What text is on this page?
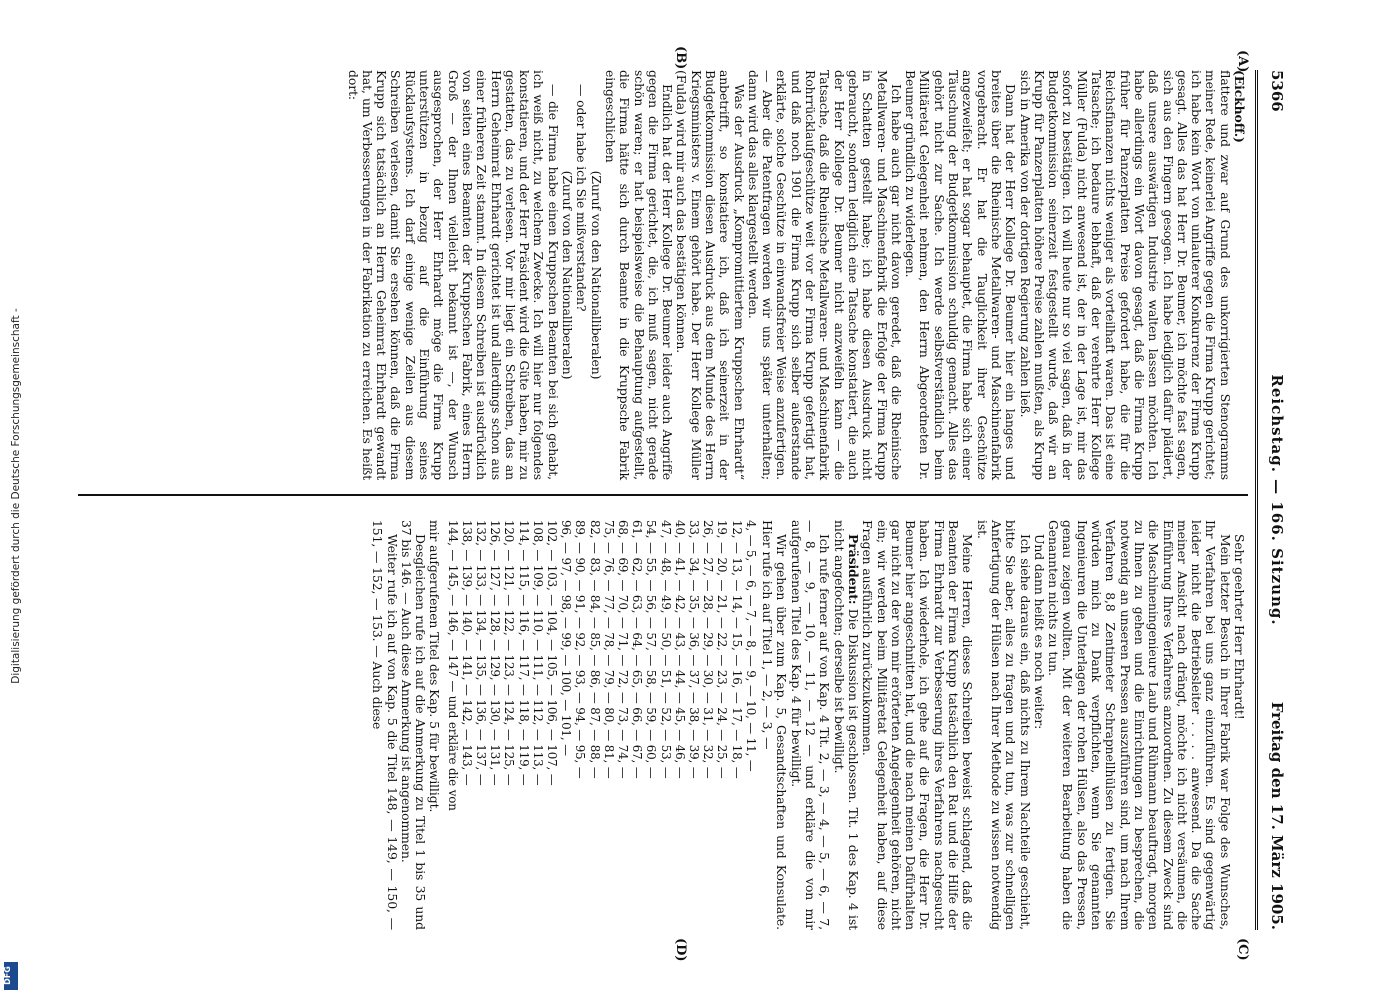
5366
Reichstag. — 166. Sitzung.
Freitag den 17. März 1905.
(A)
(B)
(C)
(D)

(Eickhoff.)

flattere und zwar auf Grund des unkorrigierten Stenogramms meiner Rede, keinerlei Angriffe gegen die Firma Krupp gerichtet; ich habe kein Wort von unlauterer Konkurrenz der Firma Krupp gesagt. Alles das hat Herr Dr. Beumer, ich möchte fast sagen, sich aus den Fingern gesogen. Ich habe lediglich dafür plädiert, daß unsere auswärtigen Industrie walten lassen möchten. Ich habe allerdings ein Wort davon gesagt, daß die Firma Krupp früher für Panzerplatten Preise gefordert habe, die für die Reichsfinanzen nichts weniger als vorteilhaft waren. Das ist eine Tatsache; ich bedaure lebhaft, daß der verehrte Herr Kollege Müller (Fulda) nicht anwesend ist, der in der Lage ist, mir das sofort zu bestätigen. Ich will heute nur so viel sagen, daß in der Budgetkommission seinerzeit festgestellt wurde, daß wir an Krupp für Panzerplatten höhere Preise zahlen mußten, als Krupp sich in Amerika von der dortigen Regierung zahlen ließ.

Dann hat der Herr Kollege Dr. Beumer hier ein langes und breites über die Rheinische Metallwaren- und Maschinenfabrik vorgebracht. Er hat die Tauglichkeit ihrer Geschütze angezweifelt; er hat sogar behauptet, die Firma habe sich einer Täuschung der Budgetkommission schuldig gemacht. Alles das gehört nicht zur Sache. Ich werde selbstverständlich beim Militäretat Gelegenheit nehmen, den Herrn Abgeordneten Dr. Beumer gründlich zu widerlegen.

Ich habe auch gar nicht davon geredet, daß die Rheinische Metallwaren- und Maschinenfabrik die Erfolge der Firma Krupp in Schatten gestellt habe; ich habe diesen Ausdruck nicht gebraucht, sondern lediglich eine Tatsache konstatiert, die auch der Herr Kollege Dr. Beumer nicht anzweifeln kann — die Tatsache, daß die Rheinische Metallwaren- und Maschinenfabrik Rohrrücklaufgeschütze weit vor der Firma Krupp gefertigt hat, und daß noch 1901 die Firma Krupp sich selber außerstande erklärte, solche Geschütze in einwandsfreier Weise anzufertigen. — Aber die Patentfragen werden wir uns später unterhalten; dann wird das alles klargestellt werden.

Was der Ausdruck „Kompromittiertem Kruppschen Ehrhardt“ anbetrifft, so konstatiere ich, daß ich seinerzeit in der Budgetkommission diesen Ausdruck aus dem Munde des Herrn Kriegsministers v. Einem gehört habe. Der Herr Kollege Müller (Fulda) wird mir auch das bestätigen können.

Endlich hat der Herr Kollege Dr. Beumer leider auch Angriffe gegen die Firma gerichtet, die, ich muß sagen, nicht gerade schön waren; er hat beispielsweise die Behauptung aufgestellt, die Firma hätte sich durch Beamte in die Kruppsche Fabrik eingeschlichen

(Zuruf von den Nationalliberalen)

— oder habe ich Sie mißverstanden?

(Zuruf von den Nationalliberalen)

— die Firma habe einen Kruppschen Beamten bei sich gehabt, ich weiß nicht, zu welchem Zwecke. Ich will hier nur folgendes konstatieren, und der Herr Präsident wird die Güte haben, mir zu gestatten, das zu verlesen. Vor mir liegt ein Schreiben, das an Herrn Geheimrat Ehrhardt gerichtet ist und allerdings schon aus einer früheren Zeit stammt. In diesem Schreiben ist ausdrücklich von seiten eines Beamten der Kruppschen Fabrik, eines Herrn Groß — der Ihnen vielleicht bekannt ist —, der Wunsch ausgesprochen, der Herr Ehrhardt möge die Firma Krupp unterstützen in bezug auf die Einführung seines Rücklaufsystems. Ich darf einige wenige Zeilen aus diesem Schreiben verlesen, damit Sie ersehen können, daß die Firma Krupp sich tatsächlich an Herrn Geheimrat Ehrhardt gewandt hat, um Verbesserungen in der Fabrikation zu erreichen. Es heißt dort:

Sehr geehrter Herr Ehrhardt!

Mein letzter Besuch in Ihrer Fabrik war Folge des Wunsches, Ihr Verfahren bei uns ganz einzuführen. Es sind gegenwärtig leider nicht die Betriebsleiter . . . . anwesend. Da die Sache meiner Ansicht nach drängt, möchte ich nicht versäumen, die Einführung Ihres Verfahrens anzuordnen. Zu diesem Zweck sind die Maschineningenieure Laub und Rühmann beauftragt, morgen zu Ihnen zu gehen und die Einrichtungen zu besprechen, die notwendig an unseren Pressen auszuführen sind, um nach Ihrem Verfahren 8,8 Zentimeter Schrapnellhülsen zu fertigen. Sie würden mich zu Dank verpflichten, wenn Sie genannten Ingenieuren die Unterlagen der rohen Hülsen, also das Pressen, genau zeigen wollten. Mit der weiteren Bearbeitung haben die Genannten nichts zu tun.

Und dann heißt es noch weiter:

Ich siehe daraus ein, daß nichts zu Ihrem Nachteile geschieht, bitte Sie aber, alles zu fragen und zu tun, was zur schnelligen Anfertigung der Hülsen nach Ihrer Methode zu wissen notwendig ist.

Meine Herren, dieses Schreiben beweist schlagend, daß die Beamten der Firma Krupp tatsächlich den Rat und die Hilfe der Firma Ehrhardt zur Verbesserung ihres Verfahrens nachgesucht haben. Ich wiederhole, ich gehe auf die Fragen, die Herr Dr. Beumer hier angeschnitten hat, und die nach meinen Dafürhalten gar nicht zu der von mir erörterten Angelegenheit gehören, nicht ein; wir werden beim Militäretat Gelegenheit haben, auf diese Fragen ausführlich zurückzukommen.

Präsident: Die Diskussion ist geschlossen. Tit. 1 des Kap. 4 ist nicht angefochten; derselbe ist bewilligt.

Ich rufe ferner auf von Kap. 4 Tit. 2, — 3, — 4, — 5, — 6, — 7, — 8, — 9, — 10, — 11, — 12 — und erkläre die von mir aufgerufenen Titel des Kap. 4 für bewilligt.

Wir gehen über zum Kap. 5, Gesandtschaften und Konsulate. Hier rufe ich auf Titel 1, — 2, — 3, —

4, — 5, — 6, — 7, — 8, — 9, — 10, — 11, —
12, — 13, — 14, — 15, — 16, — 17, — 18, —
19, — 20, — 21, — 22, — 23, — 24, — 25, —
26, — 27, — 28, — 29, — 30, — 31, — 32, —
33, — 34, — 35, — 36, — 37, — 38, — 39, —
40, — 41, — 42, — 43, — 44, — 45, — 46, —
47, — 48, — 49, — 50, — 51, — 52, — 53, —
54, — 55, — 56, — 57, — 58, — 59, — 60, —
61, — 62, — 63, — 64, — 65, — 66, — 67, —
68, — 69, — 70, — 71, — 72, — 73, — 74, —
75, — 76, — 77, — 78, — 79, — 80, — 81, —
82, — 83, — 84, — 85, — 86, — 87, — 88, —
89, — 90, — 91, — 92, — 93, — 94, — 95, —
96, — 97, — 98, — 99, — 100, — 101, —
102, — 103, — 104, — 105, — 106, — 107, —
108, — 109, — 110, — 111, — 112, — 113, —
114, — 115, — 116, — 117, — 118, — 119, —
120, — 121, — 122, — 123, — 124, — 125, —
126, — 127, — 128, — 129, — 130, — 131, —
132, — 133, — 134, — 135, — 136, — 137, —
138, — 139, — 140, — 141, — 142, — 143, —
144, — 145, — 146, — 147 — und erkläre die von

mir aufgerufenen Titel des Kap. 5 für bewilligt.

Desgleichen rufe ich auf die Anmerkung zu Titel 1 bis 35 und 37 bis 146. — Auch diese Anmerkung ist angenommen.

Weiter rufe ich auf von Kap. 5 die Titel 148, — 149, — 150, — 151, — 152, — 153. — Auch diese

Digitalisierung gefördert durch die Deutsche Forschungsgemeinschaft -
DFG
